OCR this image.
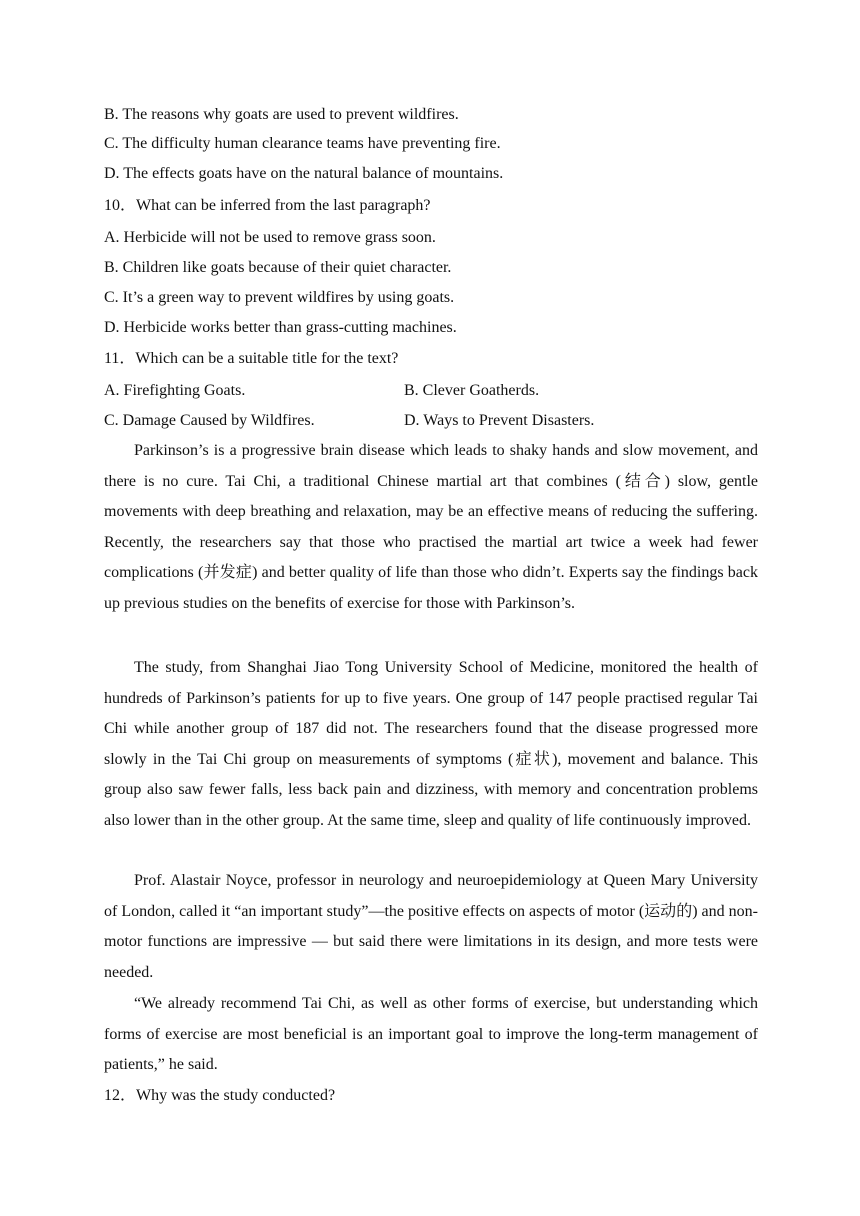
B. The reasons why goats are used to prevent wildfires.
C. The difficulty human clearance teams have preventing fire.
D. The effects goats have on the natural balance of mountains.
10．What can be inferred from the last paragraph?
A. Herbicide will not be used to remove grass soon.
B. Children like goats because of their quiet character.
C. It’s a green way to prevent wildfires by using goats.
D. Herbicide works better than grass-cutting machines.
11．Which can be a suitable title for the text?
A. Firefighting Goats.	B. Clever Goatherds.
C. Damage Caused by Wildfires.	D. Ways to Prevent Disasters.

Parkinson’s is a progressive brain disease which leads to shaky hands and slow movement, and there is no cure. Tai Chi, a traditional Chinese martial art that combines (结合) slow, gentle movements with deep breathing and relaxation, may be an effective means of reducing the suffering. Recently, the researchers say that those who practised the martial art twice a week had fewer complications (并发症) and better quality of life than those who didn’t. Experts say the findings back up previous studies on the benefits of exercise for those with Parkinson’s.

The study, from Shanghai Jiao Tong University School of Medicine, monitored the health of hundreds of Parkinson’s patients for up to five years. One group of 147 people practised regular Tai Chi while another group of 187 did not. The researchers found that the disease progressed more slowly in the Tai Chi group on measurements of symptoms (症状), movement and balance. This group also saw fewer falls, less back pain and dizziness, with memory and concentration problems also lower than in the other group. At the same time, sleep and quality of life continuously improved.

Prof. Alastair Noyce, professor in neurology and neuroepidemiology at Queen Mary University of London, called it “an important study”—the positive effects on aspects of motor (运动的) and non-motor functions are impressive — but said there were limitations in its design, and more tests were needed.

“We already recommend Tai Chi, as well as other forms of exercise, but understanding which forms of exercise are most beneficial is an important goal to improve the long-term management of patients,” he said.

12．Why was the study conducted?
